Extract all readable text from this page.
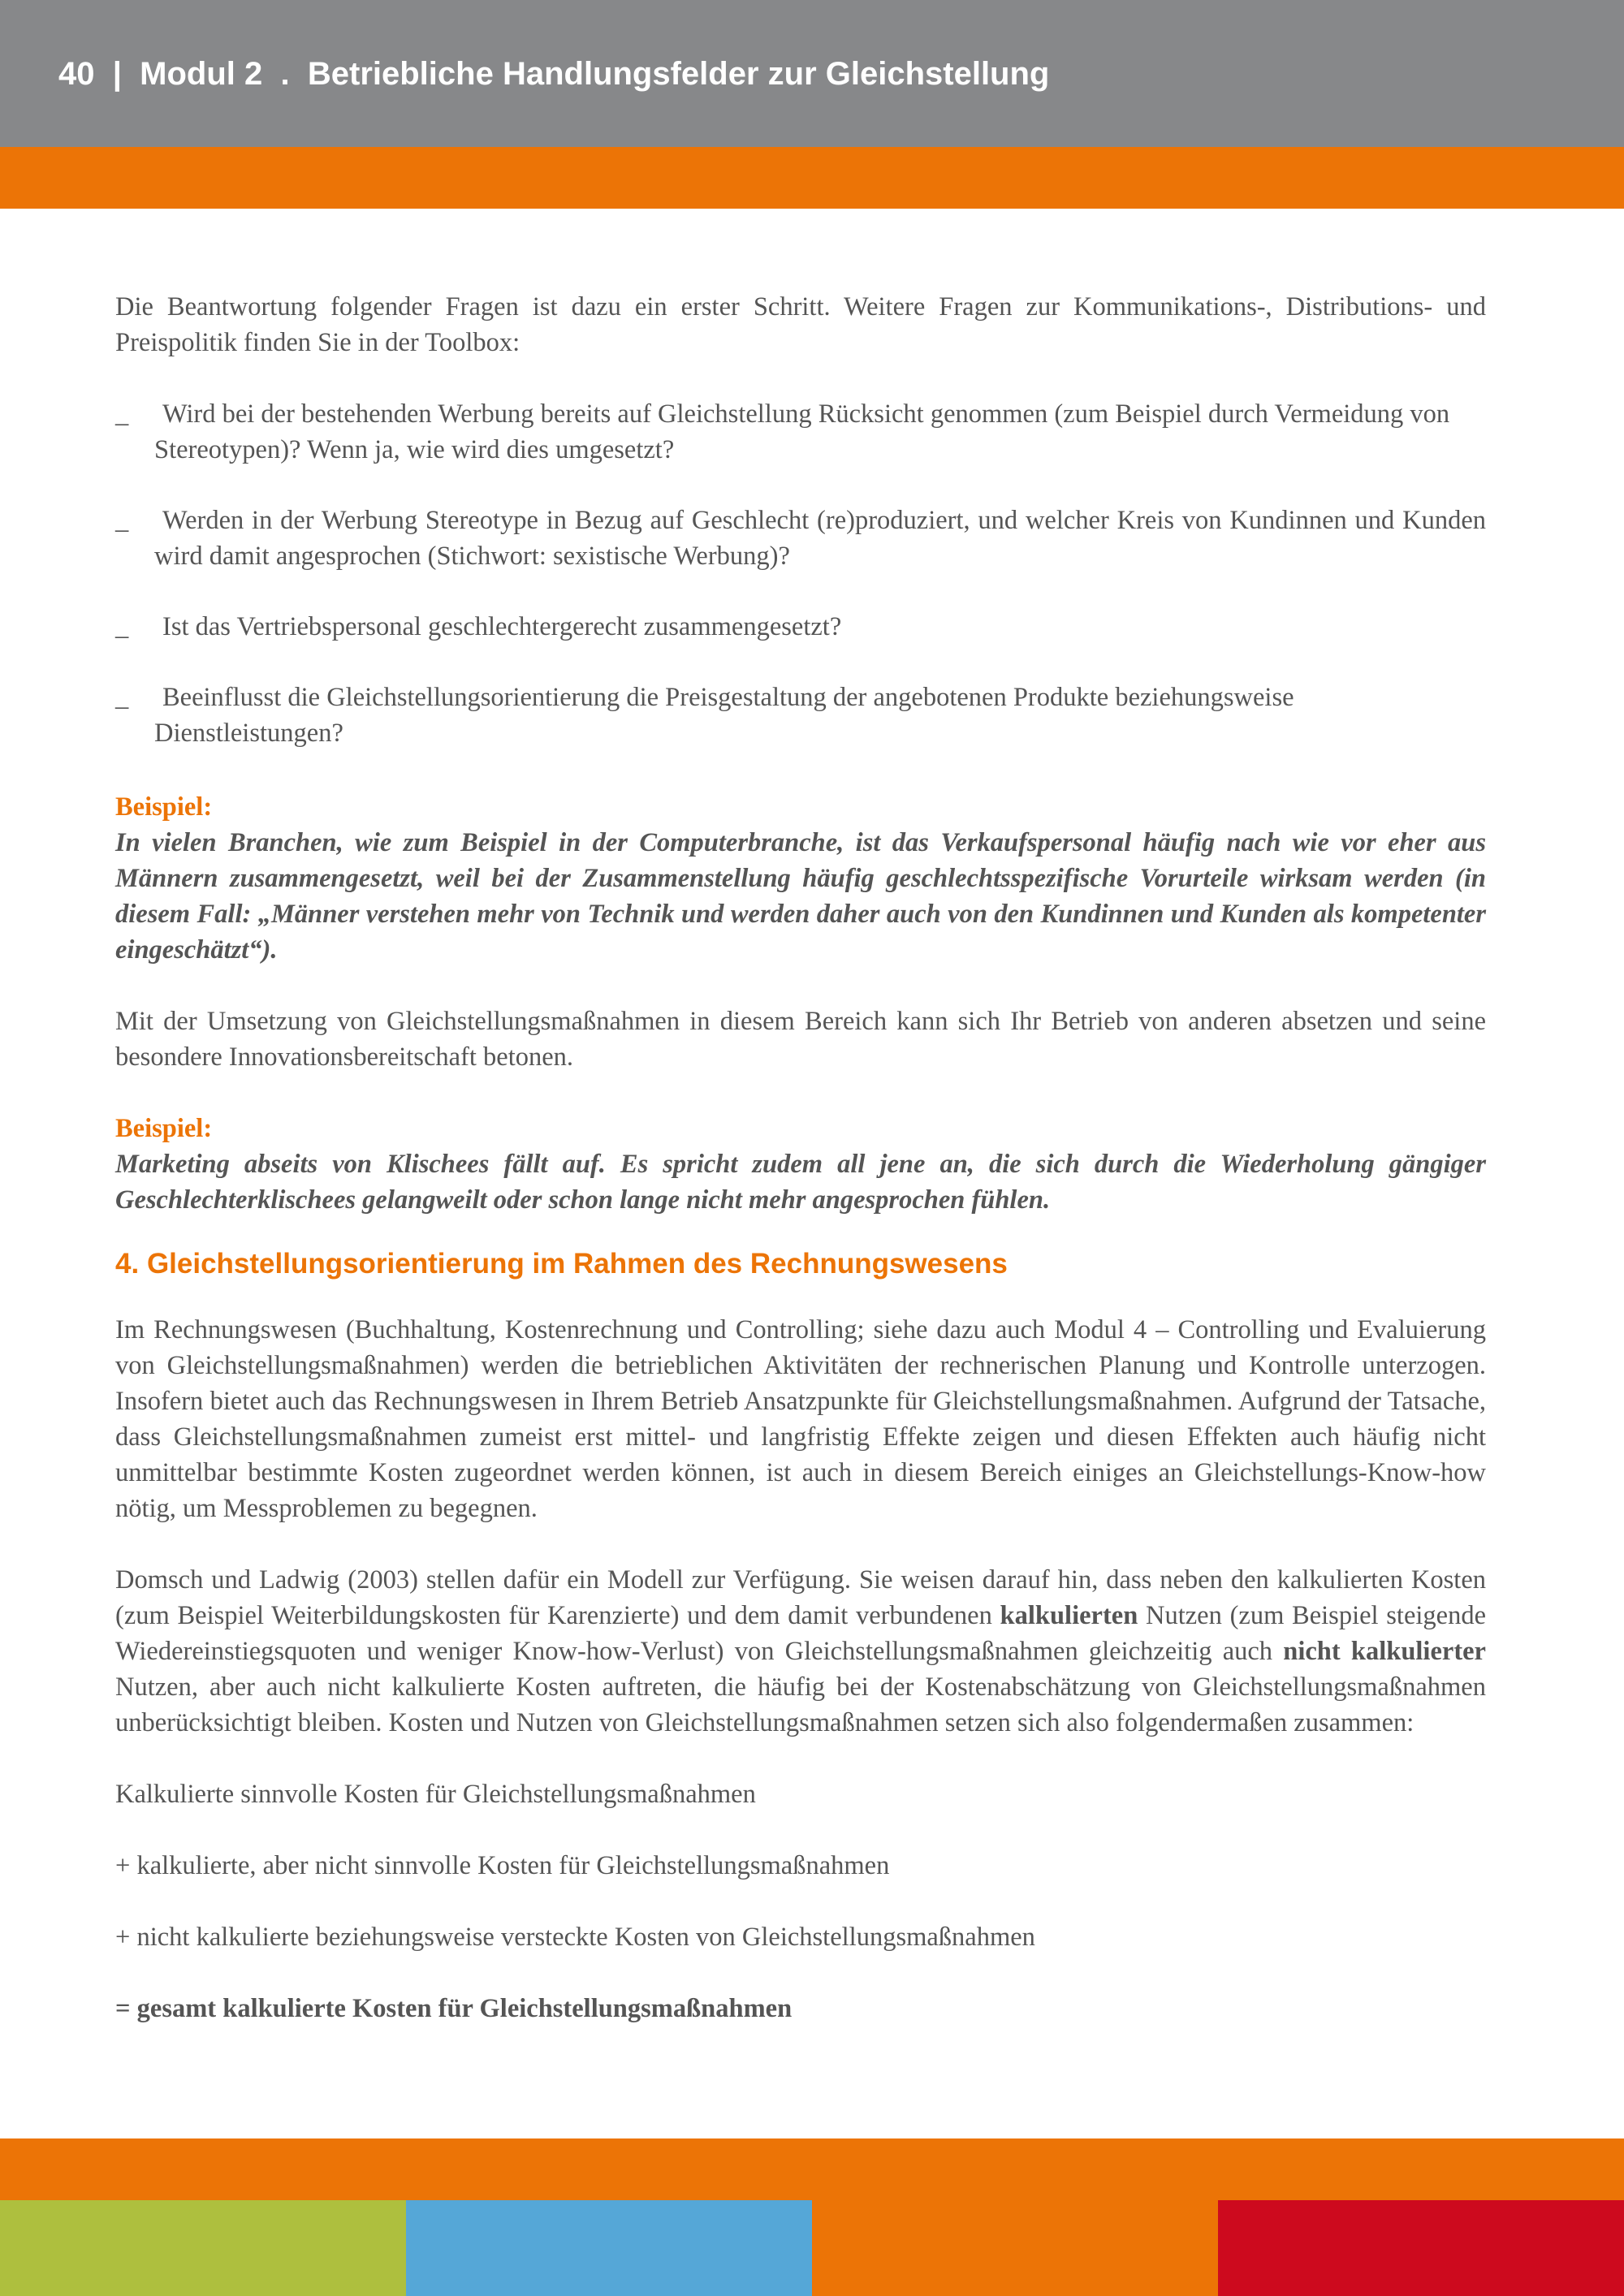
40 | Modul 2 . Betriebliche Handlungsfelder zur Gleichstellung

Die Beantwortung folgender Fragen ist dazu ein erster Schritt. Weitere Fragen zur Kommunikations-, Distributions- und Preispolitik finden Sie in der Toolbox:

_ Wird bei der bestehenden Werbung bereits auf Gleichstellung Rücksicht genommen (zum Beispiel durch Vermeidung von Stereotypen)? Wenn ja, wie wird dies umgesetzt?
_ Werden in der Werbung Stereotype in Bezug auf Geschlecht (re)produziert, und welcher Kreis von Kundinnen und Kunden wird damit angesprochen (Stichwort: sexistische Werbung)?
_ Ist das Vertriebspersonal geschlechtergerecht zusammengesetzt?
_ Beeinflusst die Gleichstellungsorientierung die Preisgestaltung der angebotenen Produkte beziehungsweise Dienstleistungen?

Beispiel:

In vielen Branchen, wie zum Beispiel in der Computerbranche, ist das Verkaufspersonal häufig nach wie vor eher aus Männern zusammengesetzt, weil bei der Zusammenstellung häufig geschlechtsspezifische Vorurteile wirksam werden (in diesem Fall: „Männer verstehen mehr von Technik und werden daher auch von den Kundinnen und Kunden als kompetenter eingeschätzt“).

Mit der Umsetzung von Gleichstellungsmaßnahmen in diesem Bereich kann sich Ihr Betrieb von anderen absetzen und seine besondere Innovationsbereitschaft betonen.

Beispiel:

Marketing abseits von Klischees fällt auf. Es spricht zudem all jene an, die sich durch die Wiederholung gängiger Geschlechterklischees gelangweilt oder schon lange nicht mehr angesprochen fühlen.

4. Gleichstellungsorientierung im Rahmen des Rechnungswesens

Im Rechnungswesen (Buchhaltung, Kostenrechnung und Controlling; siehe dazu auch Modul 4 – Controlling und Evaluierung von Gleichstellungsmaßnahmen) werden die betrieblichen Aktivitäten der rechnerischen Planung und Kontrolle unterzogen. Insofern bietet auch das Rechnungswesen in Ihrem Betrieb Ansatzpunkte für Gleichstellungsmaßnahmen. Aufgrund der Tatsache, dass Gleichstellungsmaßnahmen zumeist erst mittel- und langfristig Effekte zeigen und diesen Effekten auch häufig nicht unmittelbar bestimmte Kosten zugeordnet werden können, ist auch in diesem Bereich einiges an Gleichstellungs-Know-how nötig, um Messproblemen zu begegnen.

Domsch und Ladwig (2003) stellen dafür ein Modell zur Verfügung. Sie weisen darauf hin, dass neben den kalkulierten Kosten (zum Beispiel Weiterbildungskosten für Karenzierte) und dem damit verbundenen kalkulierten Nutzen (zum Beispiel steigende Wiedereinstiegsquoten und weniger Know-how-Verlust) von Gleichstellungsmaßnahmen gleichzeitig auch nicht kalkulierter Nutzen, aber auch nicht kalkulierte Kosten auftreten, die häufig bei der Kostenabschätzung von Gleichstellungsmaßnahmen unberücksichtigt bleiben. Kosten und Nutzen von Gleichstellungsmaßnahmen setzen sich also folgendermaßen zusammen:

Kalkulierte sinnvolle Kosten für Gleichstellungsmaßnahmen

+ kalkulierte, aber nicht sinnvolle Kosten für Gleichstellungsmaßnahmen

+ nicht kalkulierte beziehungsweise versteckte Kosten von Gleichstellungsmaßnahmen

= gesamt kalkulierte Kosten für Gleichstellungsmaßnahmen
